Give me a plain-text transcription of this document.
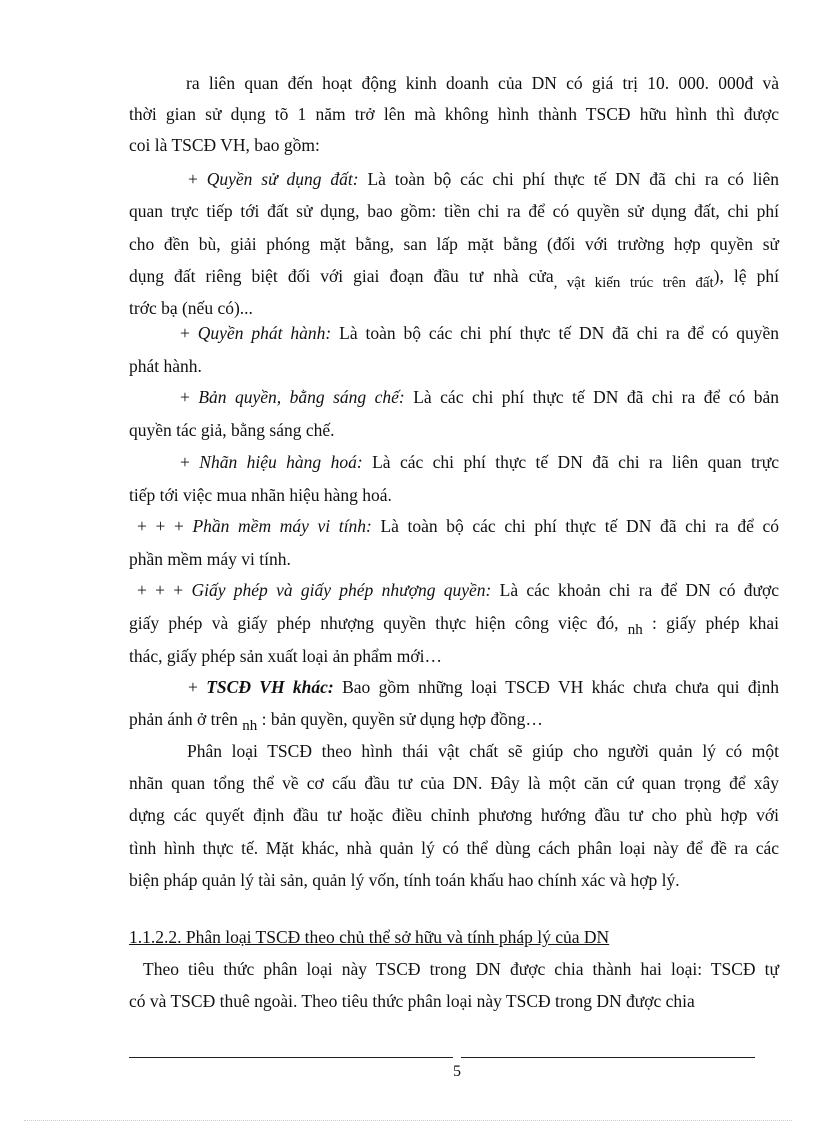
ra liên quan đến hoạt động kinh doanh của DN có giá trị 10. 000. 000đ và
thời gian sử dụng tõ 1 năm trở lên mà không hình thành TSCĐ hữu hình thì được
coi là TSCĐ VH, bao gồm:
+ Quyền sử dụng đất: Là toàn bộ các chi phí thực tế DN đã chi ra có liên
quan trực tiếp tới đất sử dụng, bao gồm: tiền chi ra để có quyền sử dụng đất, chi phí
cho đền bù, giải phóng mặt bằng, san lấp mặt bằng (đối với trường hợp quyền sử
dụng đất riêng biệt đối với giai đoạn đầu tư nhà cửa, vật kiến trúc trên đất), lệ phí
trớc bạ (nếu có)...
+ Quyền phát hành: Là toàn bộ các chi phí thực tế DN đã chi ra để có quyền
phát hành.
+ Bản quyền, bằng sáng chế: Là các chi phí thực tế DN đã chi ra để có bản
quyền tác giả, bằng sáng chế.
+ Nhãn hiệu hàng hoá: Là các chi phí thực tế DN đã chi ra liên quan trực
tiếp tới việc mua nhãn hiệu hàng hoá.
+ + + Phần mềm máy vi tính: Là toàn bộ các chi phí thực tế DN đã chi ra để có
phần mềm máy vi tính.
+ + + Giấy phép và giấy phép nhượng quyền: Là các khoản chi ra để DN có được
giấy phép và giấy phép nhượng quyền thực hiện công việc đó, nh : giấy phép khai
thác, giấy phép sản xuất loại ản phẩm mới…
+ TSCĐ VH khác: Bao gồm những loại TSCĐ VH khác chưa chưa qui định
phản ánh ở trên nh : bản quyền, quyền sử dụng hợp đồng…
Phân loại TSCĐ theo hình thái vật chất sẽ giúp cho người quản lý có một
nhãn quan tổng thể về cơ cấu đầu tư của DN. Đây là một căn cứ quan trọng để xây
dựng các quyết định đầu tư hoặc điều chỉnh phương hướng đầu tư cho phù hợp với
tình hình thực tế. Mặt khác, nhà quản lý có thể dùng cách phân loại này để đề ra các
biện pháp quản lý tài sản, quản lý vốn, tính toán khấu hao chính xác và hợp lý.
1.1.2.2. Phân loại TSCĐ theo chủ thể sở hữu và tính pháp lý của DN
Theo tiêu thức phân loại này TSCĐ trong DN được chia thành hai loại: TSCĐ tự
có và TSCĐ thuê ngoài. Theo tiêu thức phân loại này TSCĐ trong DN được chia
5
